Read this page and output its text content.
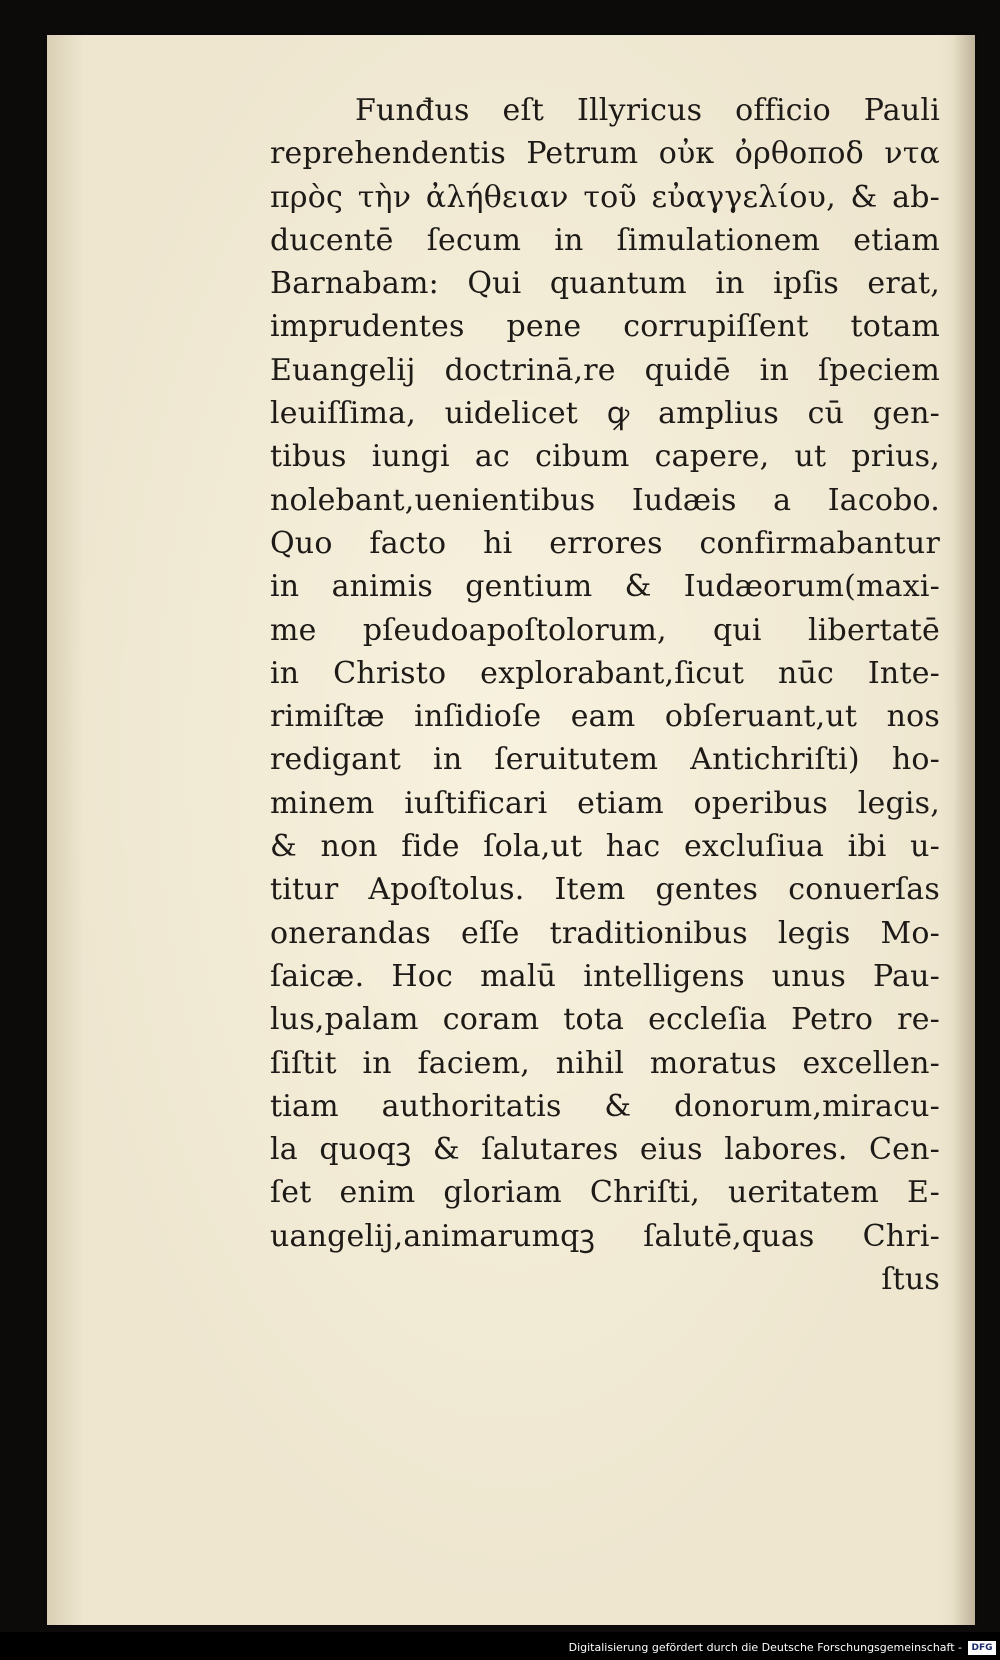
Funđus eſt Illyricus officio Pauli
reprehendentis Petrum οὐκ ὀρθοποδ ντα
πρὸς τὴν ἀλήθειαν τοῦ εὐαγγελίου, & ab-
ducentē ſecum in ſimulationem etiam
Barnabam: Qui quantum in ipſis erat,
imprudentes pene corrupiſſent totam
Euangelij doctrinā,re quidē in ſpeciem
leuiſſima, uidelicet ꝙ amplius cū gen-
tibus iungi ac cibum capere, ut prius,
nolebant,uenientibus Iudæis a Iacobo.
Quo facto hi errores confirmabantur
in animis gentium & Iudæorum(maxi-
me pſeudoapoſtolorum, qui libertatē
in Christo explorabant,ſicut nūc Inte-
rimiſtæ inſidioſe eam obſeruant,ut nos
redigant in ſeruitutem Antichriſti) ho-
minem iuſtificari etiam operibus legis,
& non fide ſola,ut hac excluſiua ibi u-
titur Apoſtolus. Item gentes conuerſas
onerandas eſſe traditionibus legis Mo-
ſaicæ. Hoc malū intelligens unus Pau-
lus,palam coram tota eccleſia Petro re-
ſiſtit in faciem, nihil moratus excellen-
tiam authoritatis & donorum,miracu-
la quoqꝫ & ſalutares eius labores. Cen-
ſet enim gloriam Chriſti, ueritatem E-
uangelij,animarumqꝫ ſalutē,quas Chri-
ſtus
Digitalisierung gefördert durch die Deutsche Forschungsgemeinschaft -	DFG
